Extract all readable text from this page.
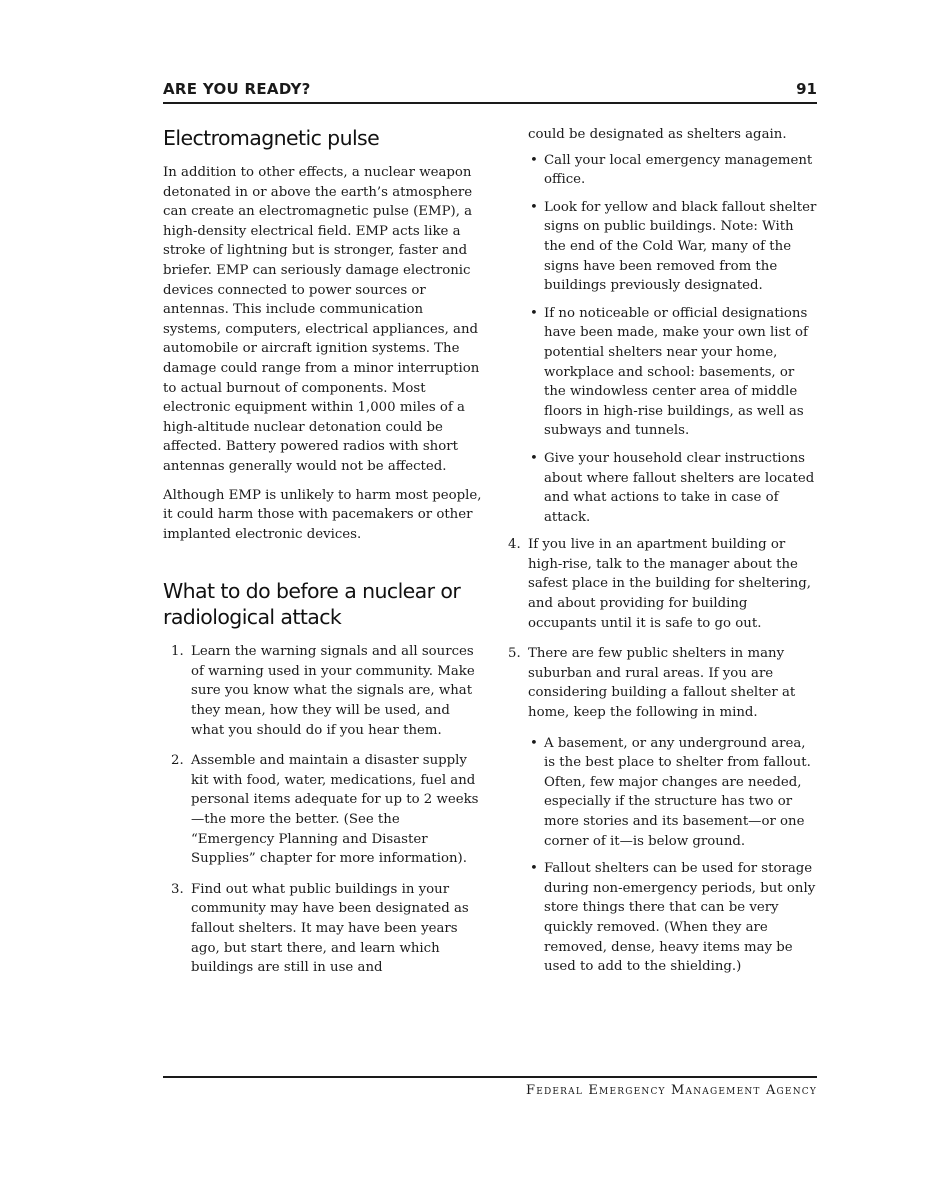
ARE YOU READY?	91
Electromagnetic pulse

In addition to other effects, a nuclear weapon detonated in or above the earth’s atmosphere can create an electromagnetic pulse (EMP), a high-density electrical field. EMP acts like a stroke of lightning but is stronger, faster and briefer. EMP can seriously damage electronic devices connected to power sources or antennas. This include communication systems, computers, electrical appliances, and automobile or aircraft ignition systems. The damage could range from a minor interruption to actual burnout of components. Most electronic equipment within 1,000 miles of a high-altitude nuclear detonation could be affected. Battery powered radios with short antennas generally would not be affected.

Although EMP is unlikely to harm most people, it could harm those with pacemakers or other implanted electronic devices.

What to do before a nuclear or radiological attack
1. Learn the warning signals and all sources of warning used in your community. Make sure you know what the signals are, what they mean, how they will be used, and what you should do if you hear them.
2. Assemble and maintain a disaster supply kit with food, water, medications, fuel and personal items adequate for up to 2 weeks—the more the better. (See the “Emergency Planning and Disaster Supplies” chapter for more information).
3. Find out what public buildings in your community may have been designated as fallout shelters. It may have been years ago, but start there, and learn which buildings are still in use and
could be designated as shelters again.
• Call your local emergency management office.
• Look for yellow and black fallout shelter signs on public buildings. Note: With the end of the Cold War, many of the signs have been removed from the buildings previously designated.
• If no noticeable or official designations have been made, make your own list of potential shelters near your home, workplace and school: basements, or the windowless center area of middle floors in high-rise buildings, as well as subways and tunnels.
• Give your household clear instructions about where fallout shelters are located and what actions to take in case of attack.
4. If you live in an apartment building or high-rise, talk to the manager about the safest place in the building for sheltering, and about providing for building occupants until it is safe to go out.
5. There are few public shelters in many suburban and rural areas. If you are considering building a fallout shelter at home, keep the following in mind.
• A basement, or any underground area, is the best place to shelter from fallout. Often, few major changes are needed, especially if the structure has two or more stories and its basement—or one corner of it—is below ground.
• Fallout shelters can be used for storage during non-emergency periods, but only store things there that can be very quickly removed. (When they are removed, dense, heavy items may be used to add to the shielding.)
Federal Emergency Management Agency
